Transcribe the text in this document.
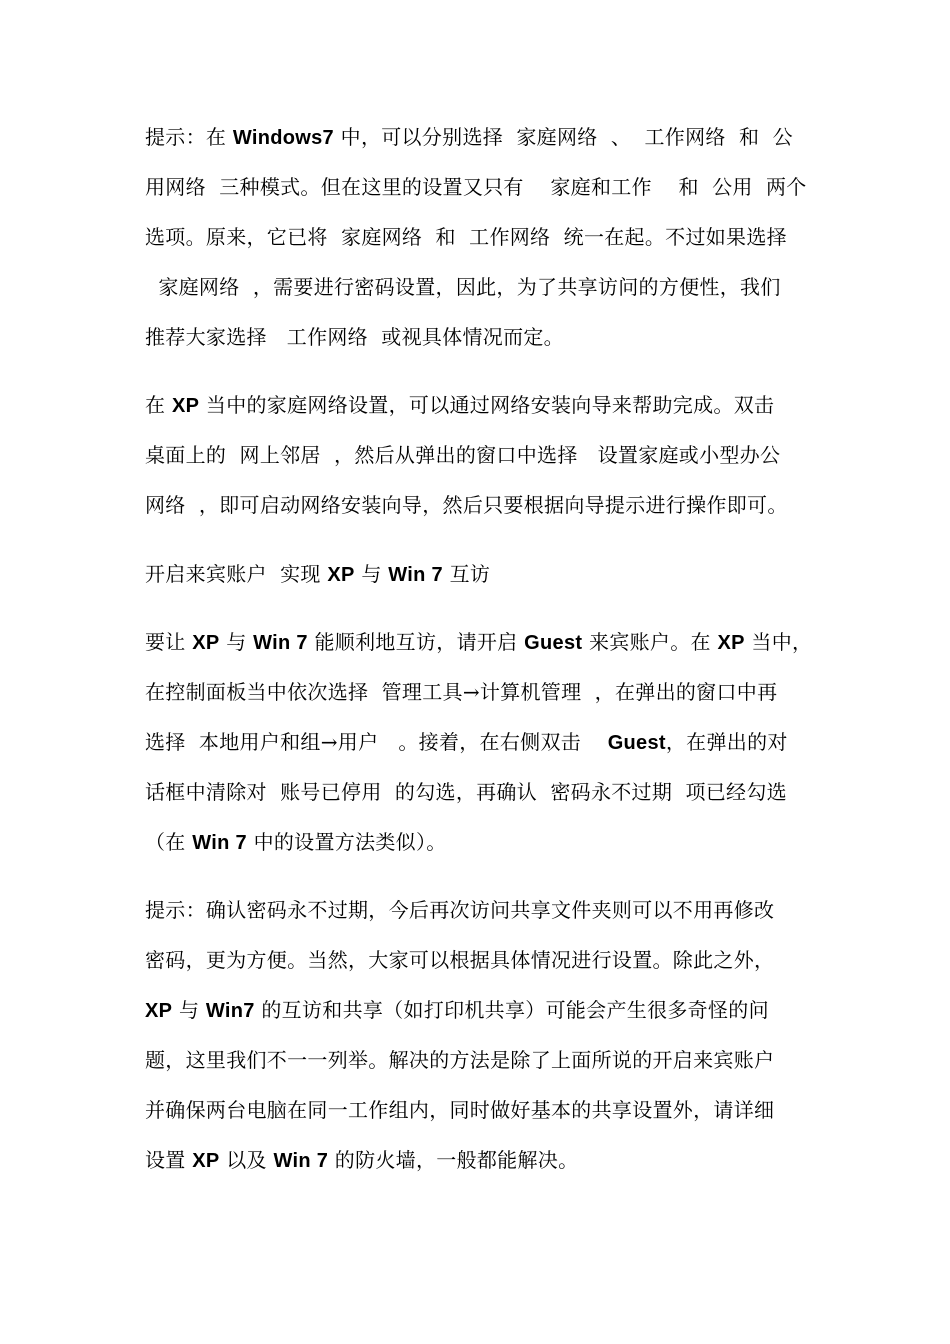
提示：在 Windows7 中，可以分别选择  家庭网络  、  工作网络  和  公
用网络  三种模式。但在这里的设置又只有    家庭和工作    和  公用  两个
选项。原来，它已将  家庭网络  和  工作网络  统一在起。不过如果选择
家庭网络  ，需要进行密码设置，因此，为了共享访问的方便性，我们
推荐大家选择   工作网络  或视具体情况而定。
在 XP 当中的家庭网络设置，可以通过网络安装向导来帮助完成。双击
桌面上的  网上邻居  ，然后从弹出的窗口中选择   设置家庭或小型办公
网络  ，即可启动网络安装向导，然后只要根据向导提示进行操作即可。
开启来宾账户  实现 XP 与 Win 7 互访
要让 XP 与 Win 7 能顺利地互访，请开启 Guest 来宾账户。在 XP 当中，
在控制面板当中依次选择  管理工具→计算机管理  ，在弹出的窗口中再
选择  本地用户和组→用户   。接着，在右侧双击    Guest，在弹出的对
话框中清除对  账号已停用  的勾选，再确认  密码永不过期  项已经勾选
（在 Win 7 中的设置方法类似）。
提示：确认密码永不过期，今后再次访问共享文件夹则可以不用再修改
密码，更为方便。当然，大家可以根据具体情况进行设置。除此之外，
XP 与 Win7 的互访和共享（如打印机共享）可能会产生很多奇怪的问
题，这里我们不一一列举。解决的方法是除了上面所说的开启来宾账户
并确保两台电脑在同一工作组内，同时做好基本的共享设置外，请详细
设置 XP 以及 Win 7 的防火墙，一般都能解决。
